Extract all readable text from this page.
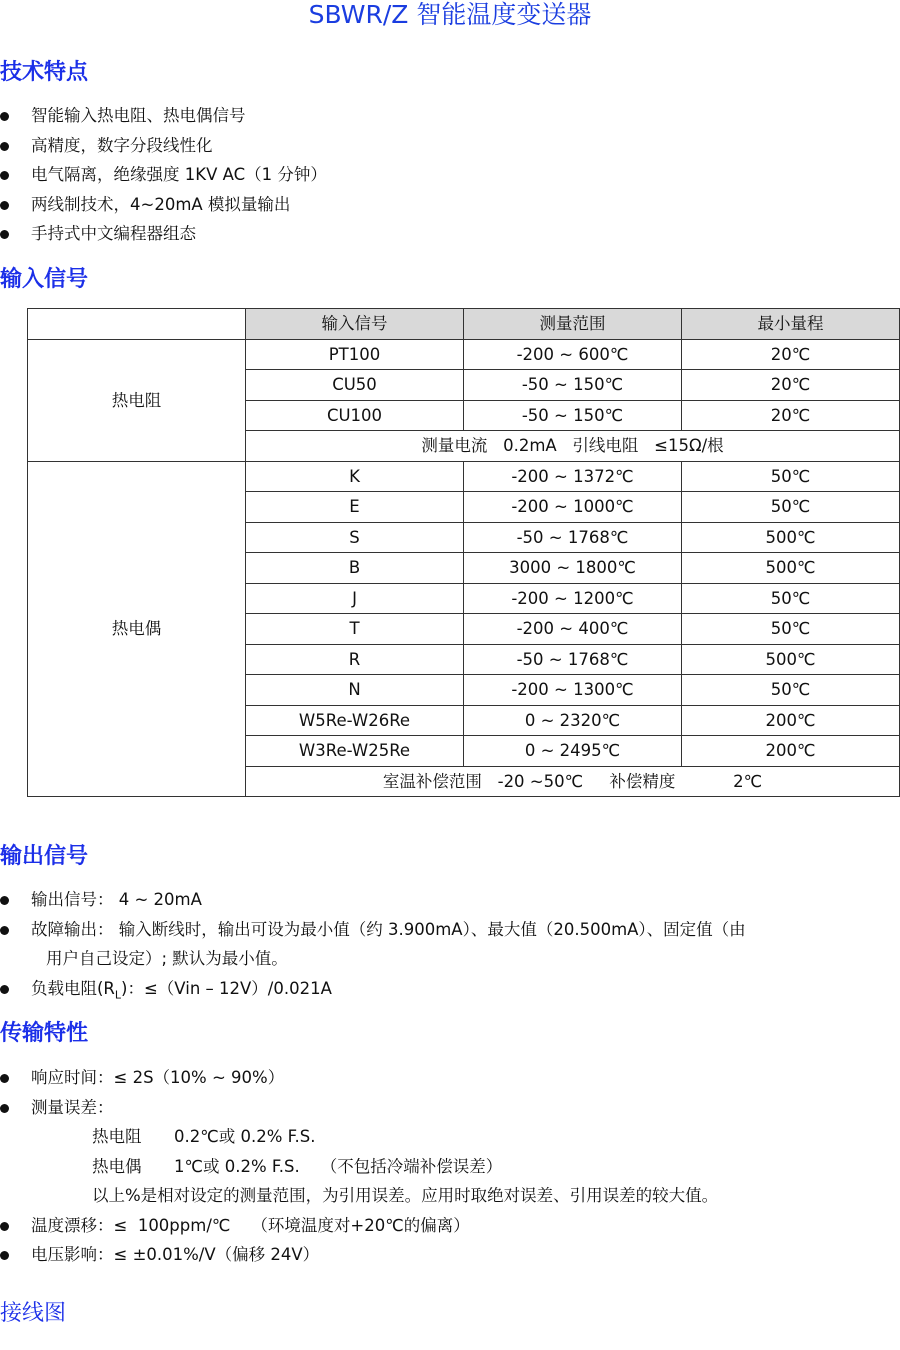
SBWR/Z 智能温度变送器
技术特点
智能输入热电阻、热电偶信号
高精度，数字分段线性化
电气隔离，绝缘强度 1KV AC（1 分钟）
两线制技术，4~20mA 模拟量输出
手持式中文编程器组态
输入信号
	输入信号	测量范围	最小量程
热电阻	PT100	-200 ~ 600℃	20℃
	CU50	-50 ~ 150℃	20℃
	CU100	-50 ~ 150℃	20℃
	测量电流   0.2mA   引线电阻   ≤15Ω/根		
热电偶	K	-200 ~ 1372℃	50℃
	E	-200 ~ 1000℃	50℃
	S	-50 ~ 1768℃	500℃
	B	3000 ~ 1800℃	500℃
	J	-200 ~ 1200℃	50℃
	T	-200 ~ 400℃	50℃
	R	-50 ~ 1768℃	500℃
	N	-200 ~ 1300℃	50℃
	W5Re-W26Re	0 ~ 2320℃	200℃
	W3Re-W25Re	0 ~ 2495℃	200℃
	室温补偿范围   -20 ~50℃     补偿精度           2℃		
输出信号
输出信号： 4 ~ 20mA
故障输出： 输入断线时，输出可设为最小值（约 3.900mA）、最大值（20.500mA）、固定值（由
用户自己设定）; 默认为最小值。
负载电阻$(R_L)$：≤（Vin – 12V）/0.021A
传输特性
响应时间：≤ 2S（10% ~ 90%）
测量误差：
热电阻 0.2℃或 0.2% F.S.
热电偶 1℃或 0.2% F.S.    （不包括冷端补偿误差）
以上%是相对设定的测量范围，为引用误差。应用时取绝对误差、引用误差的较大值。
温度漂移：≤  100ppm/℃    （环境温度对+20℃的偏离）
电压影响：≤ ±0.01%/V（偏移 24V）
接线图
